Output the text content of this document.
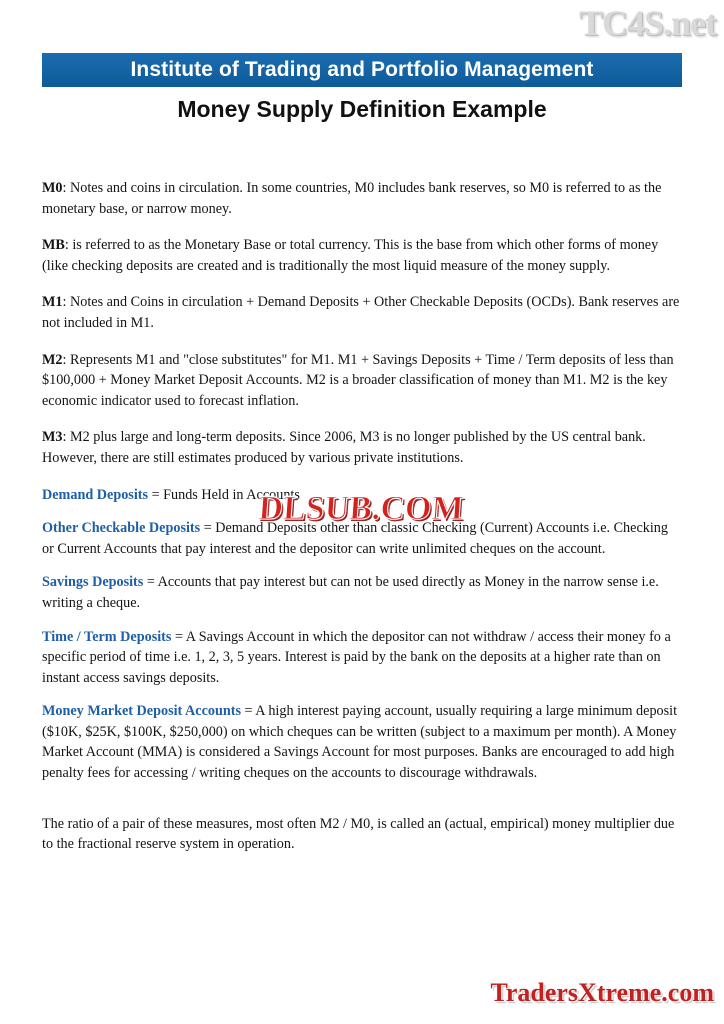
TC4S.net
Institute of Trading and Portfolio Management
Money Supply Definition Example

M0: Notes and coins in circulation. In some countries, M0 includes bank reserves, so M0 is referred to as the monetary base, or narrow money.

MB: is referred to as the Monetary Base or total currency. This is the base from which other forms of money (like checking deposits are created and is traditionally the most liquid measure of the money supply.

M1: Notes and Coins in circulation + Demand Deposits + Other Checkable Deposits (OCDs). Bank reserves are not included in M1.

M2: Represents M1 and "close substitutes" for M1. M1 + Savings Deposits + Time / Term deposits of less than $100,000 + Money Market Deposit Accounts. M2 is a broader classification of money than M1. M2 is the key economic indicator used to forecast inflation.

M3: M2 plus large and long-term deposits. Since 2006, M3 is no longer published by the US central bank. However, there are still estimates produced by various private institutions.

Demand Deposits = Funds Held in Accounts

Other Checkable Deposits = Demand Deposits other than classic Checking (Current) Accounts i.e. Checking or Current Accounts that pay interest and the depositor can write unlimited cheques on the account.

Savings Deposits = Accounts that pay interest but can not be used directly as Money in the narrow sense i.e. writing a cheque.

Time / Term Deposits = A Savings Account in which the depositor can not withdraw / access their money fo a specific period of time i.e. 1, 2, 3, 5 years. Interest is paid by the bank on the deposits at a higher rate than on instant access savings deposits.

Money Market Deposit Accounts = A high interest paying account, usually requiring a large minimum deposit ($10K, $25K, $100K, $250,000) on which cheques can be written (subject to a maximum per month). A Money Market Account (MMA) is considered a Savings Account for most purposes. Banks are encouraged to add high penalty fees for accessing / writing cheques on the accounts to discourage withdrawals.

The ratio of a pair of these measures, most often M2 / M0, is called an (actual, empirical) money multiplier due to the fractional reserve system in operation.

DLSUB.COM
TradersXtreme.com
